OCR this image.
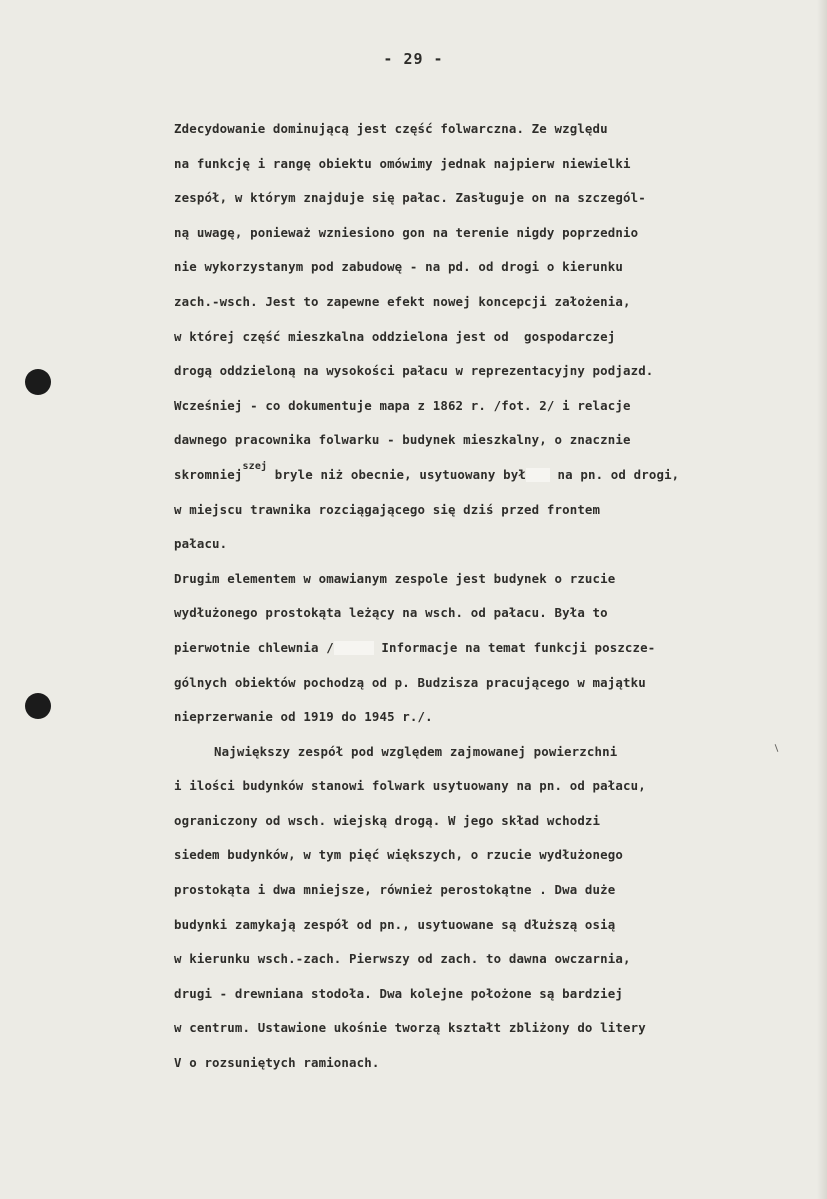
- 29 -
Zdecydowanie dominującą jest część folwarczna. Ze względu
na funkcję i rangę obiektu omówimy jednak najpierw niewielki
zespół, w którym znajduje się pałac. Zasługuje on na szczegól-
ną uwagę, ponieważ wzniesiono gon na terenie nigdy poprzednio
nie wykorzystanym pod zabudowę - na pd. od drogi o kierunku
zach.-wsch. Jest to zapewne efekt nowej koncepcji założenia,
w której część mieszkalna oddzielona jest od  gospodarczej
drogą oddzieloną na wysokości pałacu w reprezentacyjny podjazd.
Wcześniej - co dokumentuje mapa z 1862 r. /fot. 2/ i relacje
dawnego pracownika folwarku - budynek mieszkalny, o znacznie
skromniej$^{szej}$ bryle niż obecnie, usytuowany był na pn. od drogi,
w miejscu trawnika rozciągającego się dziś przed frontem
pałacu.
Drugim elementem w omawianym zespole jest budynek o rzucie
wydłużonego prostokąta leżący na wsch. od pałacu. Była to
pierwotnie chlewnia /	Informacje na temat funkcji poszcze-
gólnych obiektów pochodzą od p. Budzisza pracującego w majątku
nieprzerwanie od 1919 do 1945 r./.
Największy zespół pod względem zajmowanej powierzchni
i ilości budynków stanowi folwark usytuowany na pn. od pałacu,
ograniczony od wsch. wiejską drogą. W jego skład wchodzi
siedem budynków, w tym pięć większych, o rzucie wydłużonego
prostokąta i dwa mniejsze, również perostokątne . Dwa duże
budynki zamykają zespół od pn., usytuowane są dłuższą osią
w kierunku wsch.-zach. Pierwszy od zach. to dawna owczarnia,
drugi - drewniana stodoła. Dwa kolejne położone są bardziej
w centrum. Ustawione ukośnie tworzą kształt zbliżony do litery
V o rozsuniętych ramionach.
